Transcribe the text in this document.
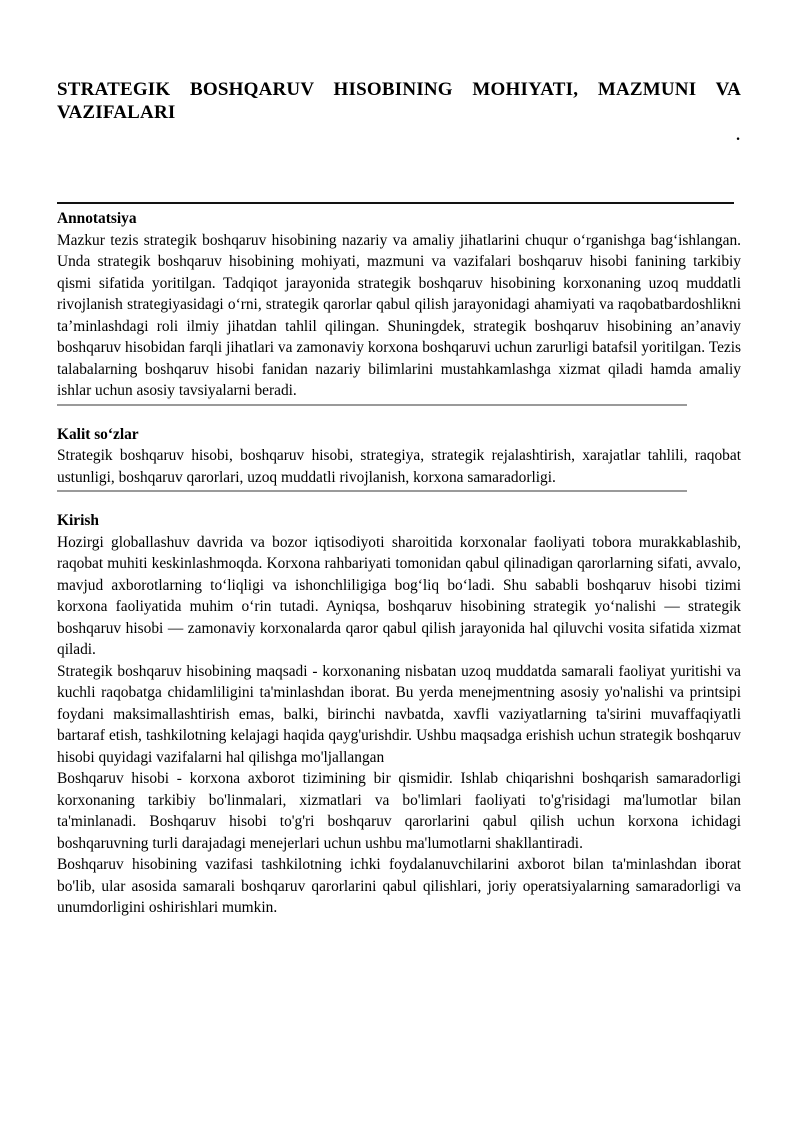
STRATEGIK BOSHQARUV HISOBINING MOHIYATI, MAZMUNI VA VAZIFALARI
.
Annotatsiya

Mazkur tezis strategik boshqaruv hisobining nazariy va amaliy jihatlarini chuqur oʻrganishga bagʻishlangan. Unda strategik boshqaruv hisobining mohiyati, mazmuni va vazifalari boshqaruv hisobi fanining tarkibiy qismi sifatida yoritilgan. Tadqiqot jarayonida strategik boshqaruv hisobining korxonaning uzoq muddatli rivojlanish strategiyasidagi oʻrni, strategik qarorlar qabul qilish jarayonidagi ahamiyati va raqobatbardoshlikni taʼminlashdagi roli ilmiy jihatdan tahlil qilingan. Shuningdek, strategik boshqaruv hisobining anʼanaviy boshqaruv hisobidan farqli jihatlari va zamonaviy korxona boshqaruvi uchun zarurligi batafsil yoritilgan. Tezis talabalarning boshqaruv hisobi fanidan nazariy bilimlarini mustahkamlashga xizmat qiladi hamda amaliy ishlar uchun asosiy tavsiyalarni beradi.

Kalit soʻzlar

Strategik boshqaruv hisobi, boshqaruv hisobi, strategiya, strategik rejalashtirish, xarajatlar tahlili, raqobat ustunligi, boshqaruv qarorlari, uzoq muddatli rivojlanish, korxona samaradorligi.

Kirish

Hozirgi globallashuv davrida va bozor iqtisodiyoti sharoitida korxonalar faoliyati tobora murakkablashib, raqobat muhiti keskinlashmoqda. Korxona rahbariyati tomonidan qabul qilinadigan qarorlarning sifati, avvalo, mavjud axborotlarning toʻliqligi va ishonchliligiga bogʻliq boʻladi. Shu sababli boshqaruv hisobi tizimi korxona faoliyatida muhim oʻrin tutadi. Ayniqsa, boshqaruv hisobining strategik yoʻnalishi — strategik boshqaruv hisobi — zamonaviy korxonalarda qaror qabul qilish jarayonida hal qiluvchi vosita sifatida xizmat qiladi.

Strategik boshqaruv hisobining maqsadi - korxonaning nisbatan uzoq muddatda samarali faoliyat yuritishi va kuchli raqobatga chidamliligini ta'minlashdan iborat. Bu yerda menejmentning asosiy yo'nalishi va printsipi foydani maksimallashtirish emas, balki, birinchi navbatda, xavfli vaziyatlarning ta'sirini muvaffaqiyatli bartaraf etish, tashkilotning kelajagi haqida qayg'urishdir. Ushbu maqsadga erishish uchun strategik boshqaruv hisobi quyidagi vazifalarni hal qilishga mo'ljallangan

Boshqaruv hisobi - korxona axborot tizimining bir qismidir. Ishlab chiqarishni boshqarish samaradorligi korxonaning tarkibiy bo'linmalari, xizmatlari va bo'limlari faoliyati to'g'risidagi ma'lumotlar bilan ta'minlanadi. Boshqaruv hisobi to'g'ri boshqaruv qarorlarini qabul qilish uchun korxona ichidagi boshqaruvning turli darajadagi menejerlari uchun ushbu ma'lumotlarni shakllantiradi.

Boshqaruv hisobining vazifasi tashkilotning ichki foydalanuvchilarini axborot bilan ta'minlashdan iborat bo'lib, ular asosida samarali boshqaruv qarorlarini qabul qilishlari, joriy operatsiyalarning samaradorligi va unumdorligini oshirishlari mumkin.
